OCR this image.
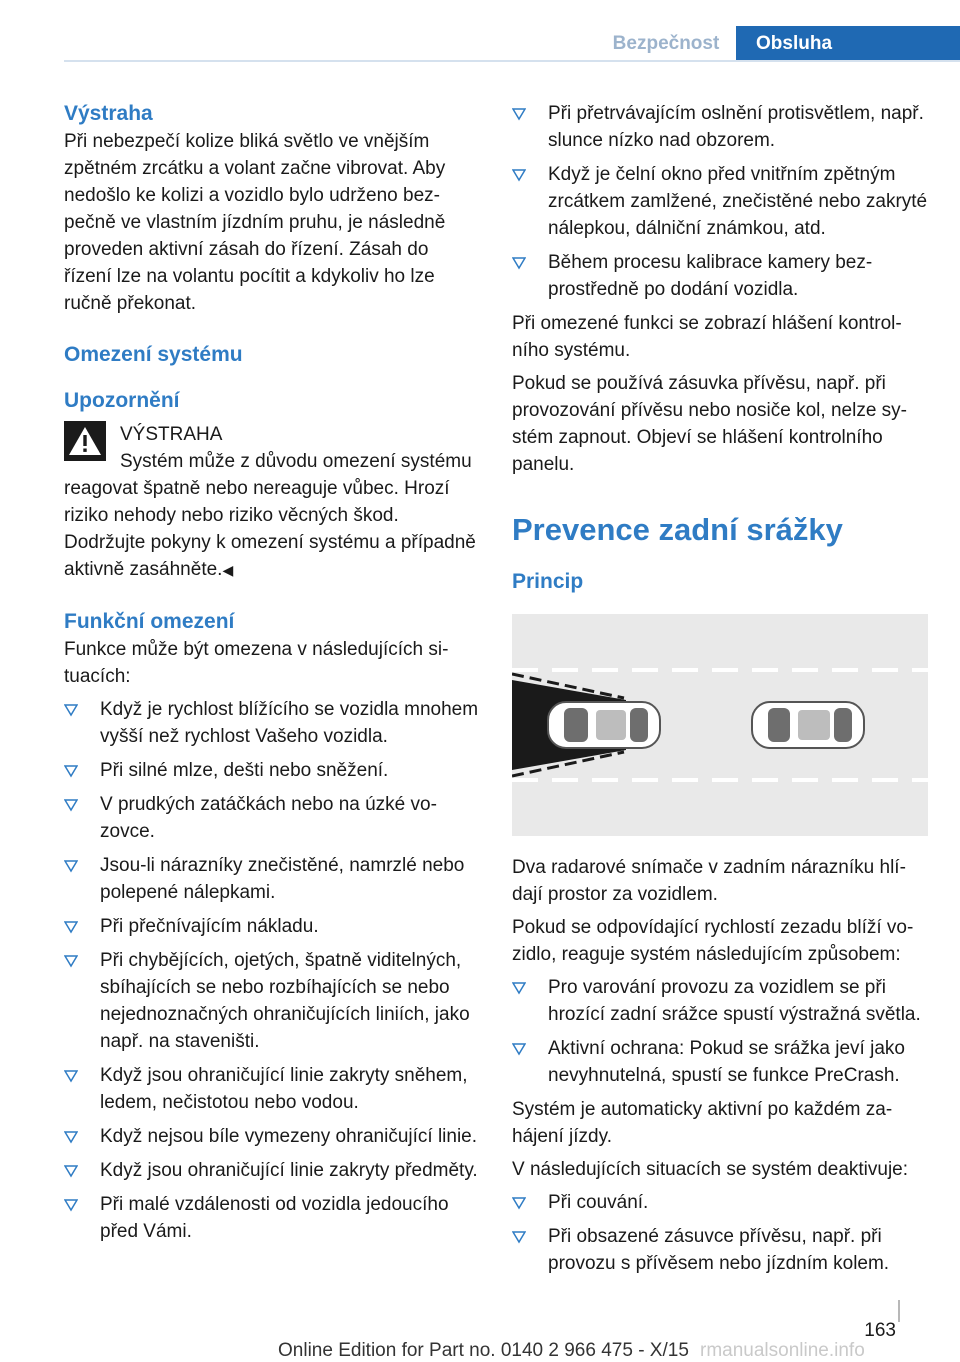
Bezpečnost	Obsluha
Výstraha

Při nebezpečí kolize bliká světlo ve vnějším zpětném zrcátku a volant začne vibrovat. Aby nedošlo ke kolizi a vozidlo bylo udrženo bezpečně ve vlastním jízdním pruhu, je následně proveden aktivní zásah do řízení. Zásah do řízení lze na volantu pocítit a kdykoliv ho lze ručně překonat.

Omezení systému
Upozornění
VÝSTRAHA

Systém může z důvodu omezení systému reagovat špatně nebo nereaguje vůbec. Hrozí riziko nehody nebo riziko věcných škod. Dodržujte pokyny k omezení systému a případně aktivně zasáhněte.◀

Funkční omezení

Funkce může být omezena v následujících situacích:

Když je rychlost blížícího se vozidla mnohem vyšší než rychlost Vašeho vozidla.
Při silné mlze, dešti nebo sněžení.
V prudkých zatáčkách nebo na úzké vozovce.
Jsou-li nárazníky znečistěné, namrzlé nebo polepené nálepkami.
Při přečnívajícím nákladu.
Při chybějících, ojetých, špatně viditelných, sbíhajících se nebo rozbíhajících se nebo nejednoznačných ohraničujících liniích, jako např. na staveništi.
Když jsou ohraničující linie zakryty sněhem, ledem, nečistotou nebo vodou.
Když nejsou bíle vymezeny ohraničující linie.
Když jsou ohraničující linie zakryty předměty.
Při malé vzdálenosti od vozidla jedoucího před Vámi.
Při přetrvávajícím oslnění protisvětlem, např. slunce nízko nad obzorem.
Když je čelní okno před vnitřním zpětným zrcátkem zamlžené, znečistěné nebo zakryté nálepkou, dálniční známkou, atd.
Během procesu kalibrace kamery bezprostředně po dodání vozidla.

Při omezené funkci se zobrazí hlášení kontrolního systému.

Pokud se používá zásuvka přívěsu, např. při provozování přívěsu nebo nosiče kol, nelze systém zapnout. Objeví se hlášení kontrolního panelu.

Prevence zadní srážky
Princip

Dva radarové snímače v zadním nárazníku hlídají prostor za vozidlem.

Pokud se odpovídající rychlostí zezadu blíží vozidlo, reaguje systém následujícím způsobem:

Pro varování provozu za vozidlem se při hrozící zadní srážce spustí výstražná světla.
Aktivní ochrana: Pokud se srážka jeví jako nevyhnutelná, spustí se funkce PreCrash.

Systém je automaticky aktivní po každém zahájení jízdy.

V následujících situacích se systém deaktivuje:

Při couvání.
Při obsazené zásuvce přívěsu, např. při provozu s přívěsem nebo jízdním kolem.
163
Online Edition for Part no. 0140 2 966 475 - X/15 rmanualsonline.info
